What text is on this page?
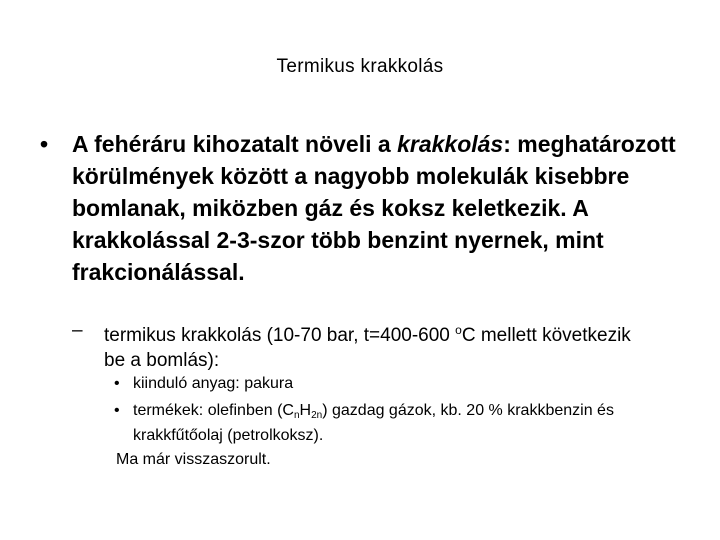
Termikus krakkolás
• A fehéráru kihozatalt növeli a krakkolás: meghatározott körülmények között a nagyobb molekulák kisebbre bomlanak, miközben gáz és koksz keletkezik. A krakkolással 2-3-szor több benzint nyernek, mint frakcionálással.
– termikus krakkolás (10-70 bar, t=400-600 $^o$C mellett következik be a bomlás):
• kiinduló anyag: pakura
• termékek: olefinben $(C_nH_{2n})$ gazdag gázok, kb. 20 % krakkbenzin és krakkfűtőolaj (petrolkoksz).
Ma már visszaszorult.
